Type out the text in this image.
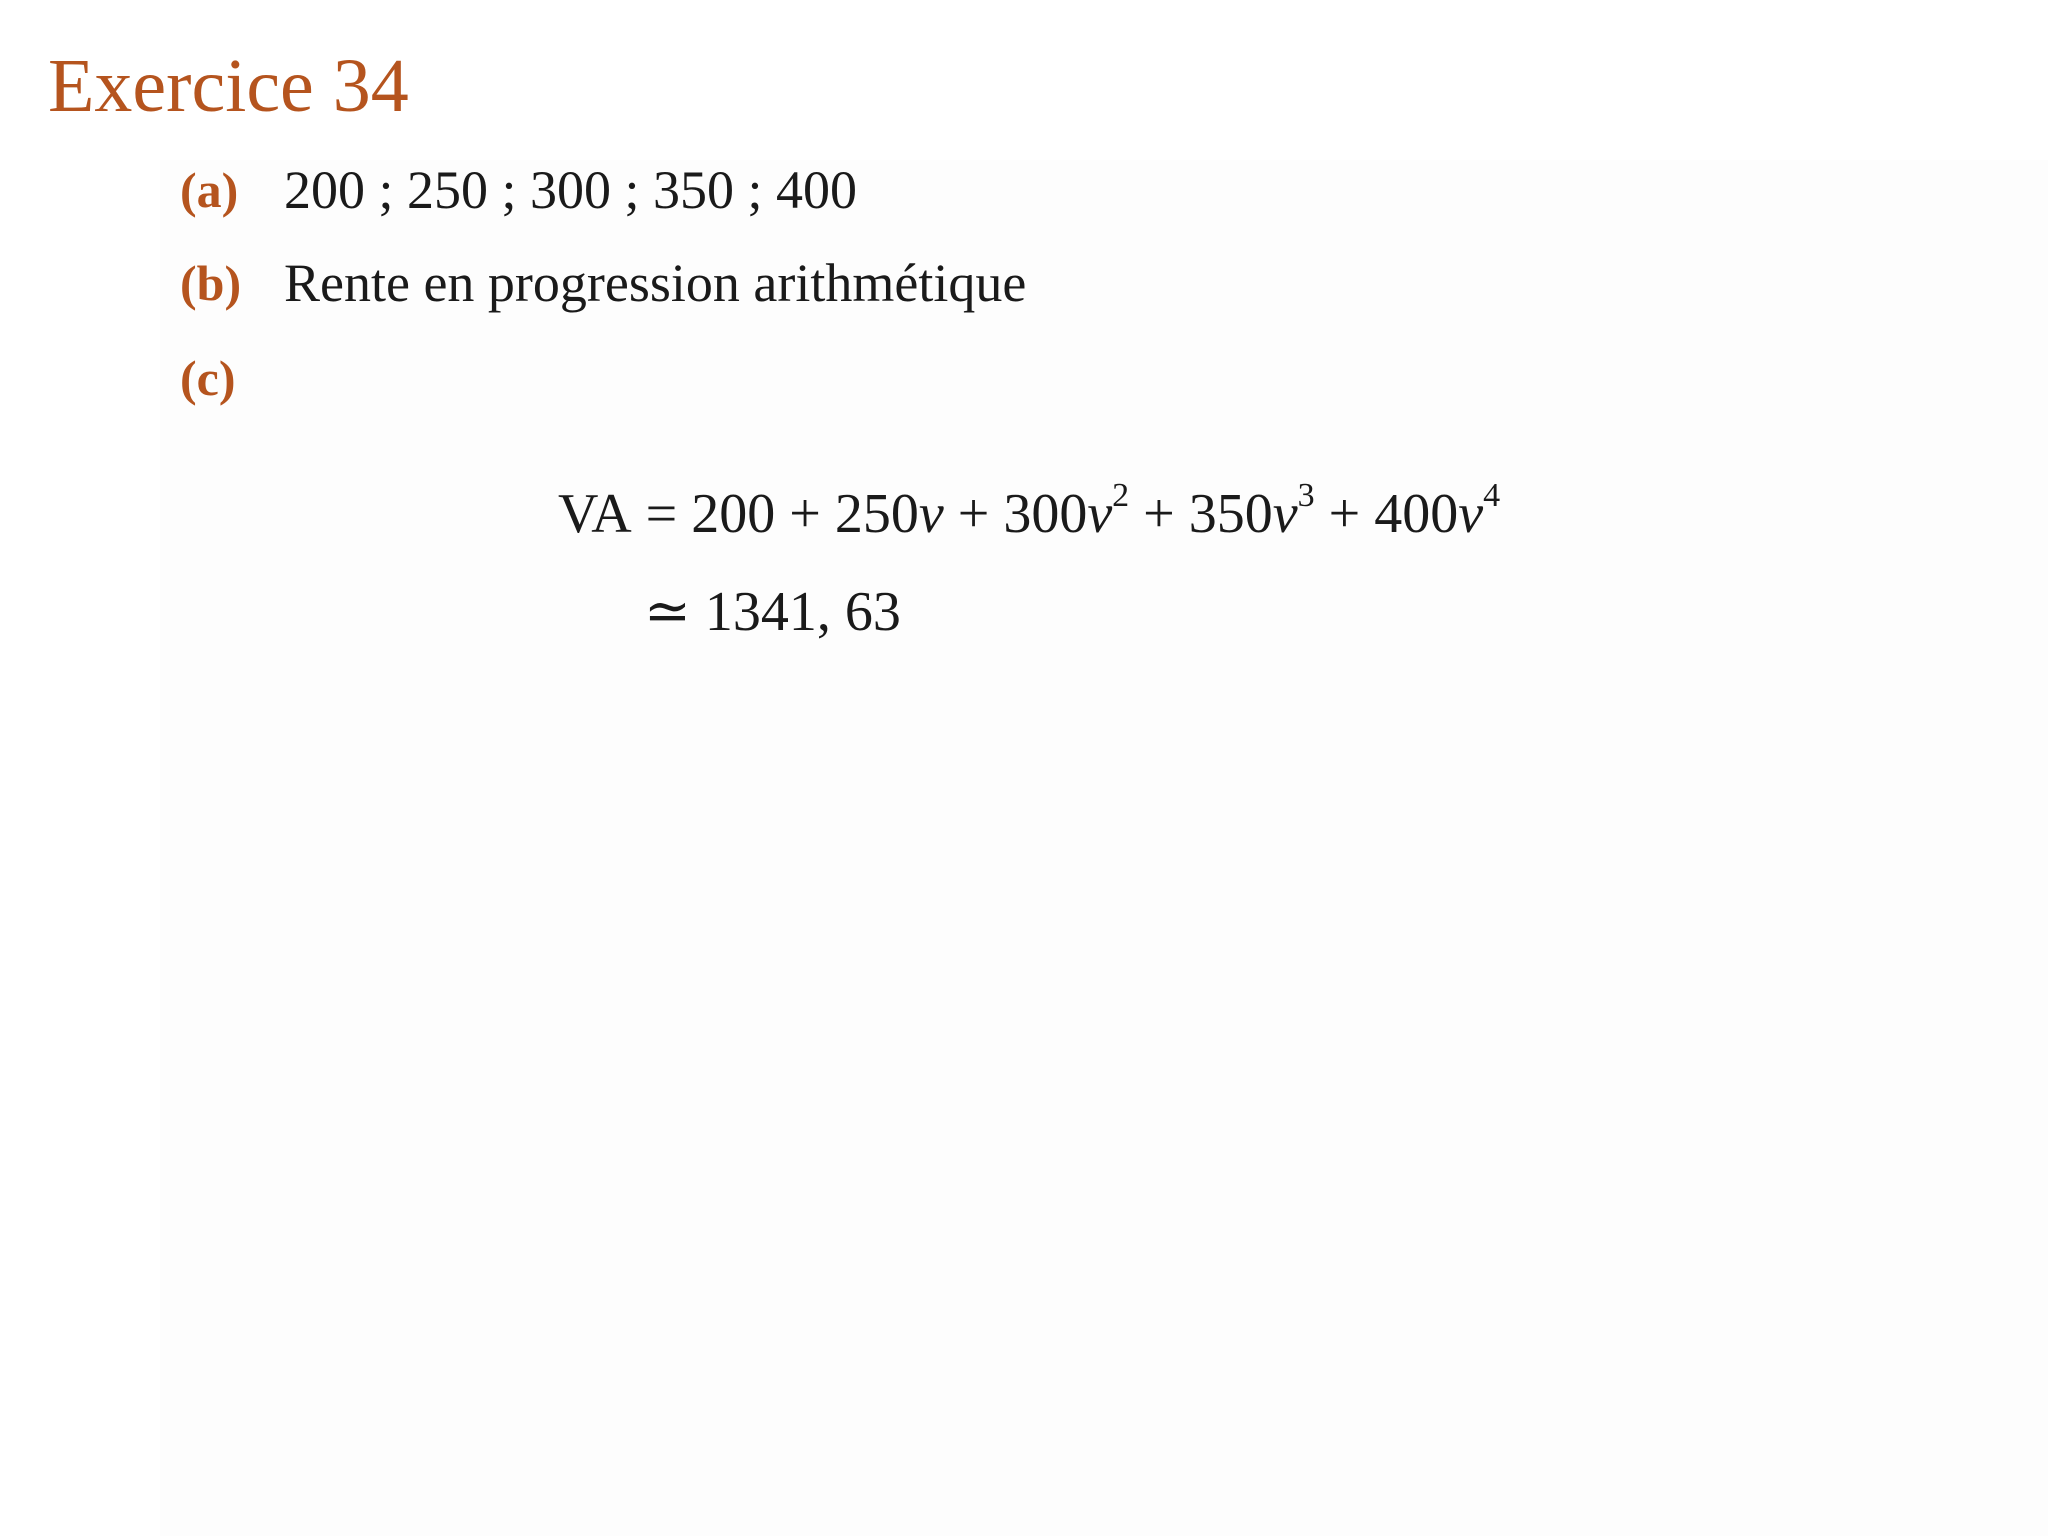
Exercice 34
(a) 200 ; 250 ; 300 ; 350 ; 400
(b) Rente en progression arithmétique
(c)
VA = $200 + 250v + 300v^2 + 350v^3 + 400v^4$
≃ 1341, 63
